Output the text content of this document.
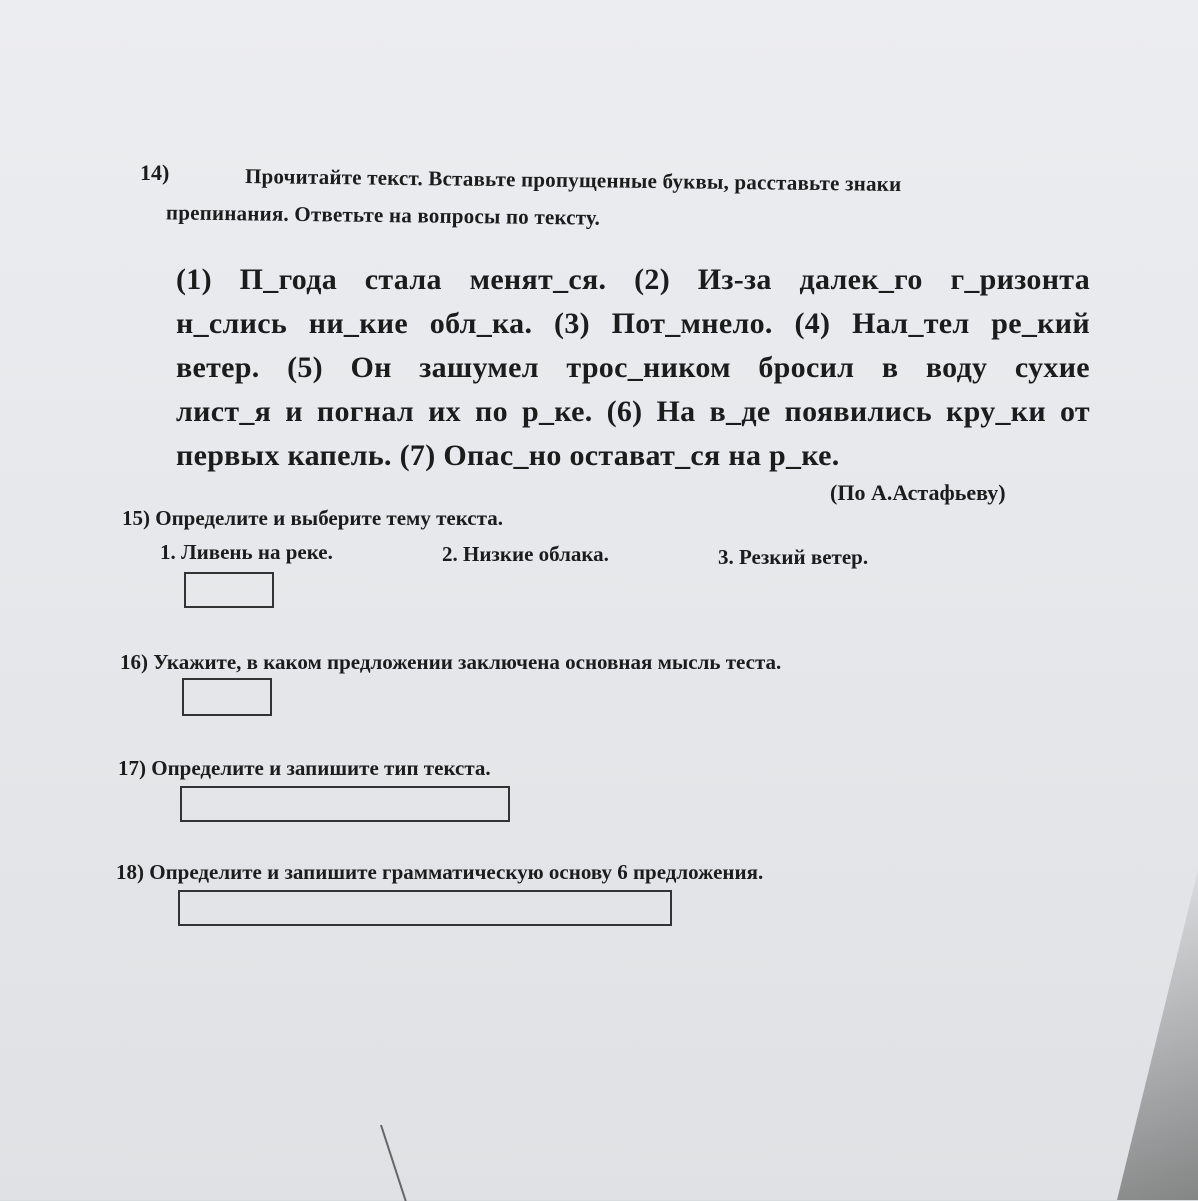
14)	Прочитайте текст. Вставьте пропущенные буквы, расставьте знаки
препинания. Ответьте на вопросы по тексту.
(1) П_года стала менят_ся. (2) Из-за далек_го г_ризонта
н_слись ни_кие обл_ка. (3) Пот_мнело. (4) Нал_тел ре_кий
ветер. (5) Он зашумел трос_ником бросил в воду сухие
лист_я и погнал их по р_ке. (6) На в_де появились кру_ки от
первых капель. (7) Опас_но остават_ся на р_ке.
(По А.Астафьеву)
15) Определите и выберите тему текста.
1. Ливень на реке.	2. Низкие облака.	3. Резкий ветер.
16) Укажите, в каком предложении заключена основная мысль теста.
17) Определите и запишите тип текста.
18) Определите и запишите грамматическую основу 6 предложения.
